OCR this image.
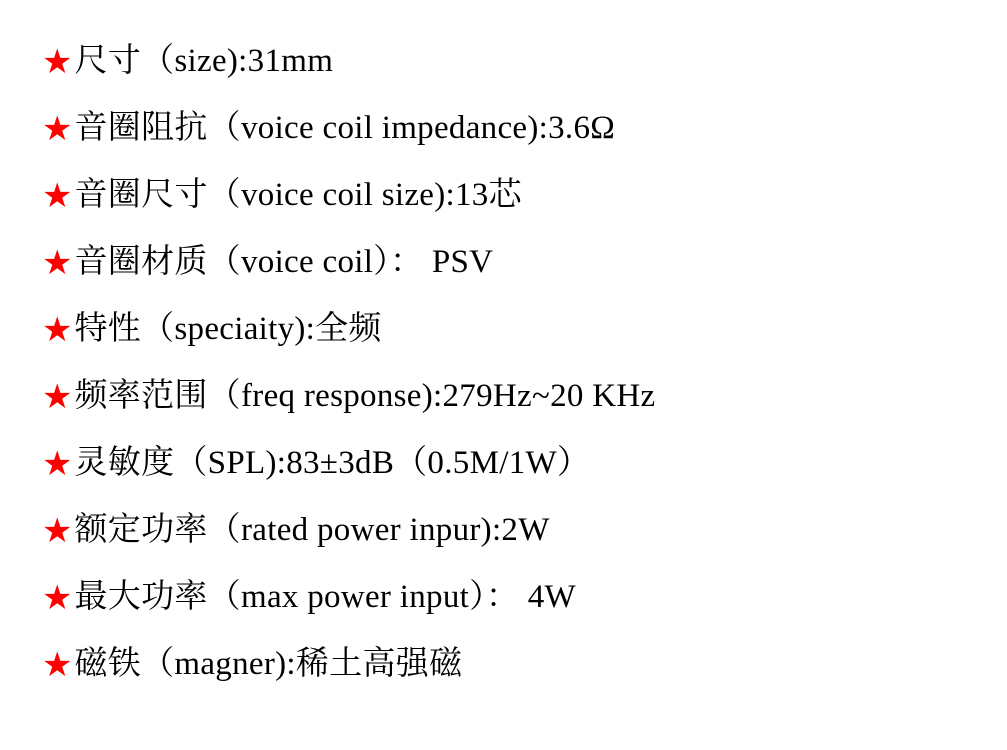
★ 尺寸（size):31mm
★ 音圈阻抗（voice coil impedance):3.6Ω
★ 音圈尺寸（voice coil size):13芯
★ 音圈材质（voice coil）： PSV
★ 特性（speciaity):全频
★ 频率范围（freq response):279Hz~20 KHz
★ 灵敏度（SPL):83±3dB（0.5M/1W）
★ 额定功率（rated power inpur):2W
★ 最大功率（max power input）： 4W
★ 磁铁（magner):稀土高强磁
